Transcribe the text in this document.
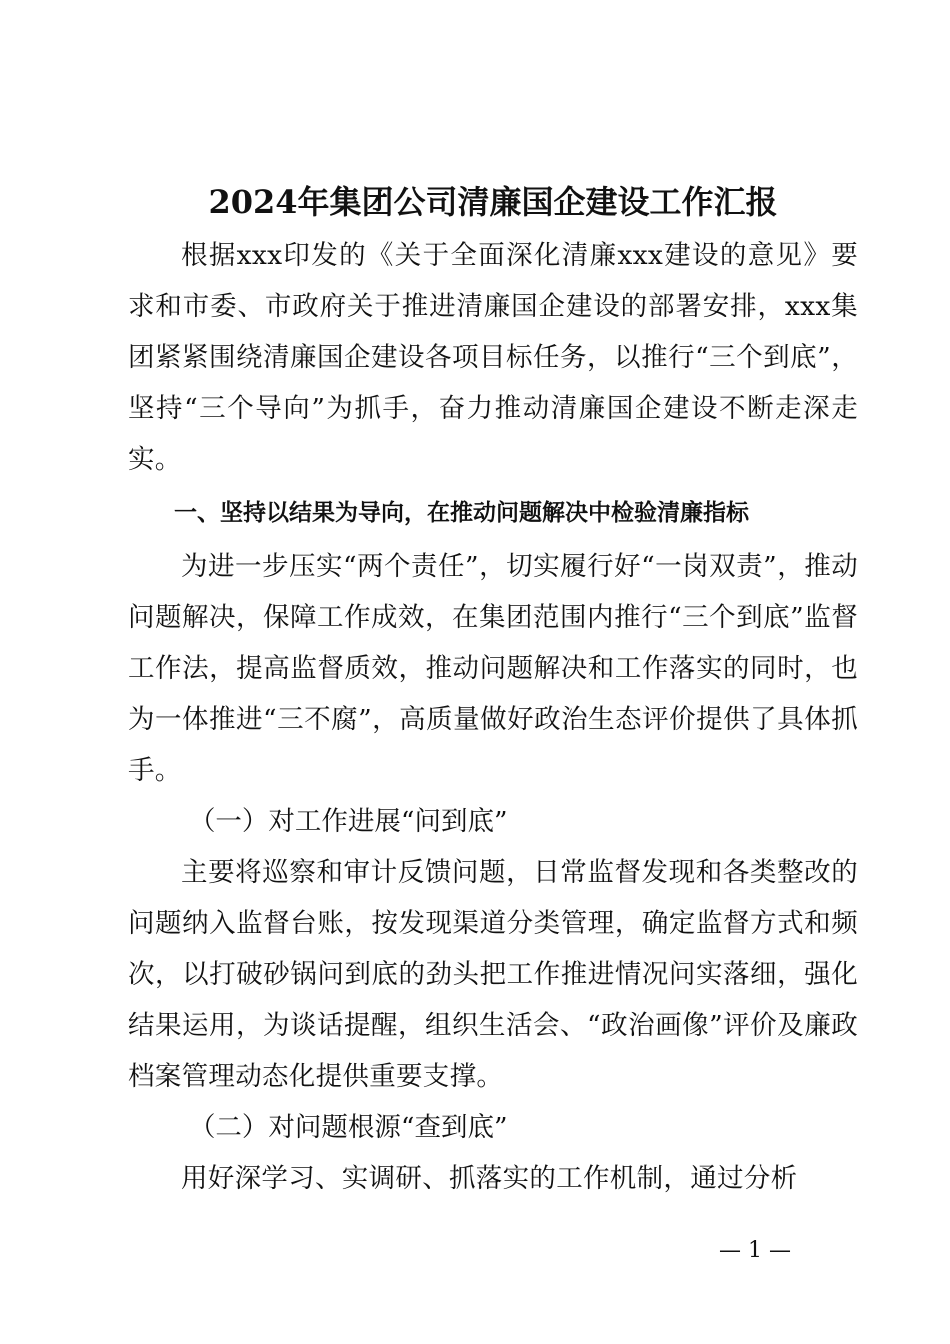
2024年集团公司清廉国企建设工作汇报

根据xxx印发的《关于全面深化清廉xxx建设的意见》要求和市委、市政府关于推进清廉国企建设的部署安排，xxx集团紧紧围绕清廉国企建设各项目标任务，以推行“三个到底”，坚持“三个导向”为抓手，奋力推动清廉国企建设不断走深走实。

一、坚持以结果为导向，在推动问题解决中检验清廉指标

为进一步压实“两个责任”，切实履行好“一岗双责”，推动问题解决，保障工作成效，在集团范围内推行“三个到底”监督工作法，提高监督质效，推动问题解决和工作落实的同时，也为一体推进“三不腐”，高质量做好政治生态评价提供了具体抓手。

（一）对工作进展“问到底”

主要将巡察和审计反馈问题，日常监督发现和各类整改的问题纳入监督台账，按发现渠道分类管理，确定监督方式和频次，以打破砂锅问到底的劲头把工作推进情况问实落细，强化结果运用，为谈话提醒，组织生活会、“政治画像”评价及廉政档案管理动态化提供重要支撑。

（二）对问题根源“查到底”

用好深学习、实调研、抓落实的工作机制，通过分析

— 1 —
